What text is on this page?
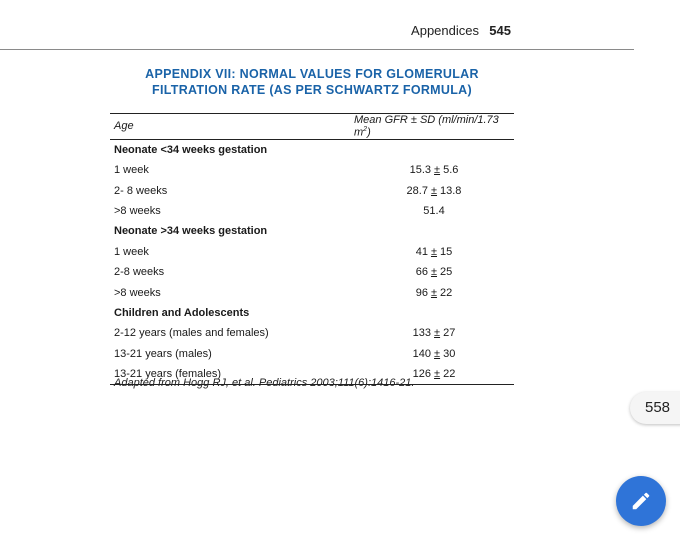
Appendices 545
APPENDIX VII: NORMAL VALUES FOR GLOMERULAR
FILTRATION RATE (AS PER SCHWARTZ FORMULA)
Age	Mean GFR ± SD (ml/min/1.73 $m^2$)
Neonate <34 weeks gestation	
1 week	15.3 ± 5.6
2- 8 weeks	28.7 ± 13.8
>8 weeks	51.4
Neonate >34 weeks gestation	
1 week	41 ± 15
2-8 weeks	66 ± 25
>8 weeks	96 ± 22
Children and Adolescents	
2-12 years (males and females)	133 ± 27
13-21 years (males)	140 ± 30
13-21 years (females)	126 ± 22
Adapted from Hogg RJ, et al. Pediatrics 2003;111(6):1416-21.
558
